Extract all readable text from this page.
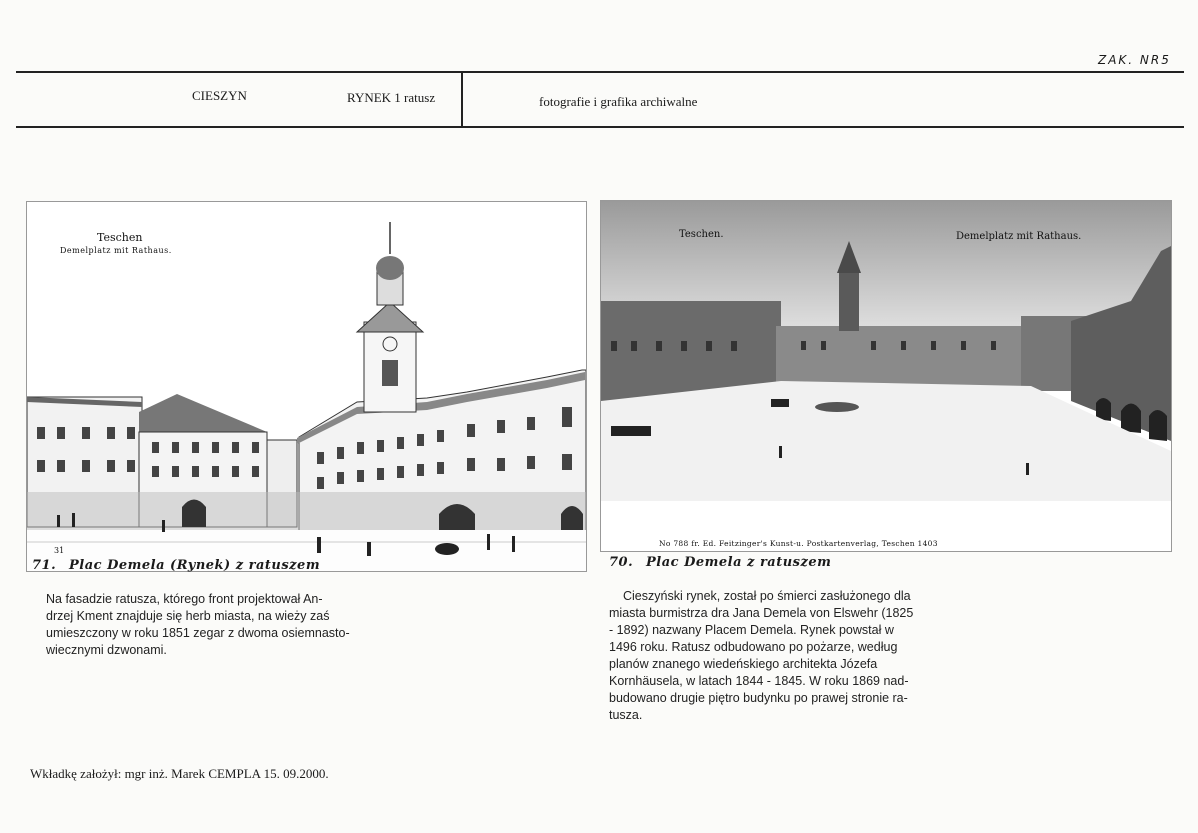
ZAK. NR5
CIESZYN	RYNEK 1 ratusz	fotografie i grafika archiwalne
Teschen
Demelplatz mit Rathaus.
31
71. Plac Demela (Rynek) z ratuszem
Na fasadzie ratusza, którego front projektował An-
drzej Kment znajduje się herb miasta, na wieży zaś
umieszczony w roku 1851 zegar z dwoma osiemnasto-
wiecznymi dzwonami.
Teschen.	Demelplatz mit Rathaus.
No 788 fr. Ed. Feitzinger's Kunst-u. Postkartenverlag, Teschen 1403
70. Plac Demela z ratuszem
Cieszyński rynek, został po śmierci zasłużonego dla
miasta burmistrza dra Jana Demela von Elswehr (1825
- 1892) nazwany Placem Demela. Rynek powstał w
1496 roku. Ratusz odbudowano po pożarze, według
planów znanego wiedeńskiego architekta Józefa
Kornhäusela, w latach 1844 - 1845. W roku 1869 nad-
budowano drugie piętro budynku po prawej stronie ra-
tusza.
Wkładkę założył: mgr inż. Marek CEMPLA 15. 09.2000.
